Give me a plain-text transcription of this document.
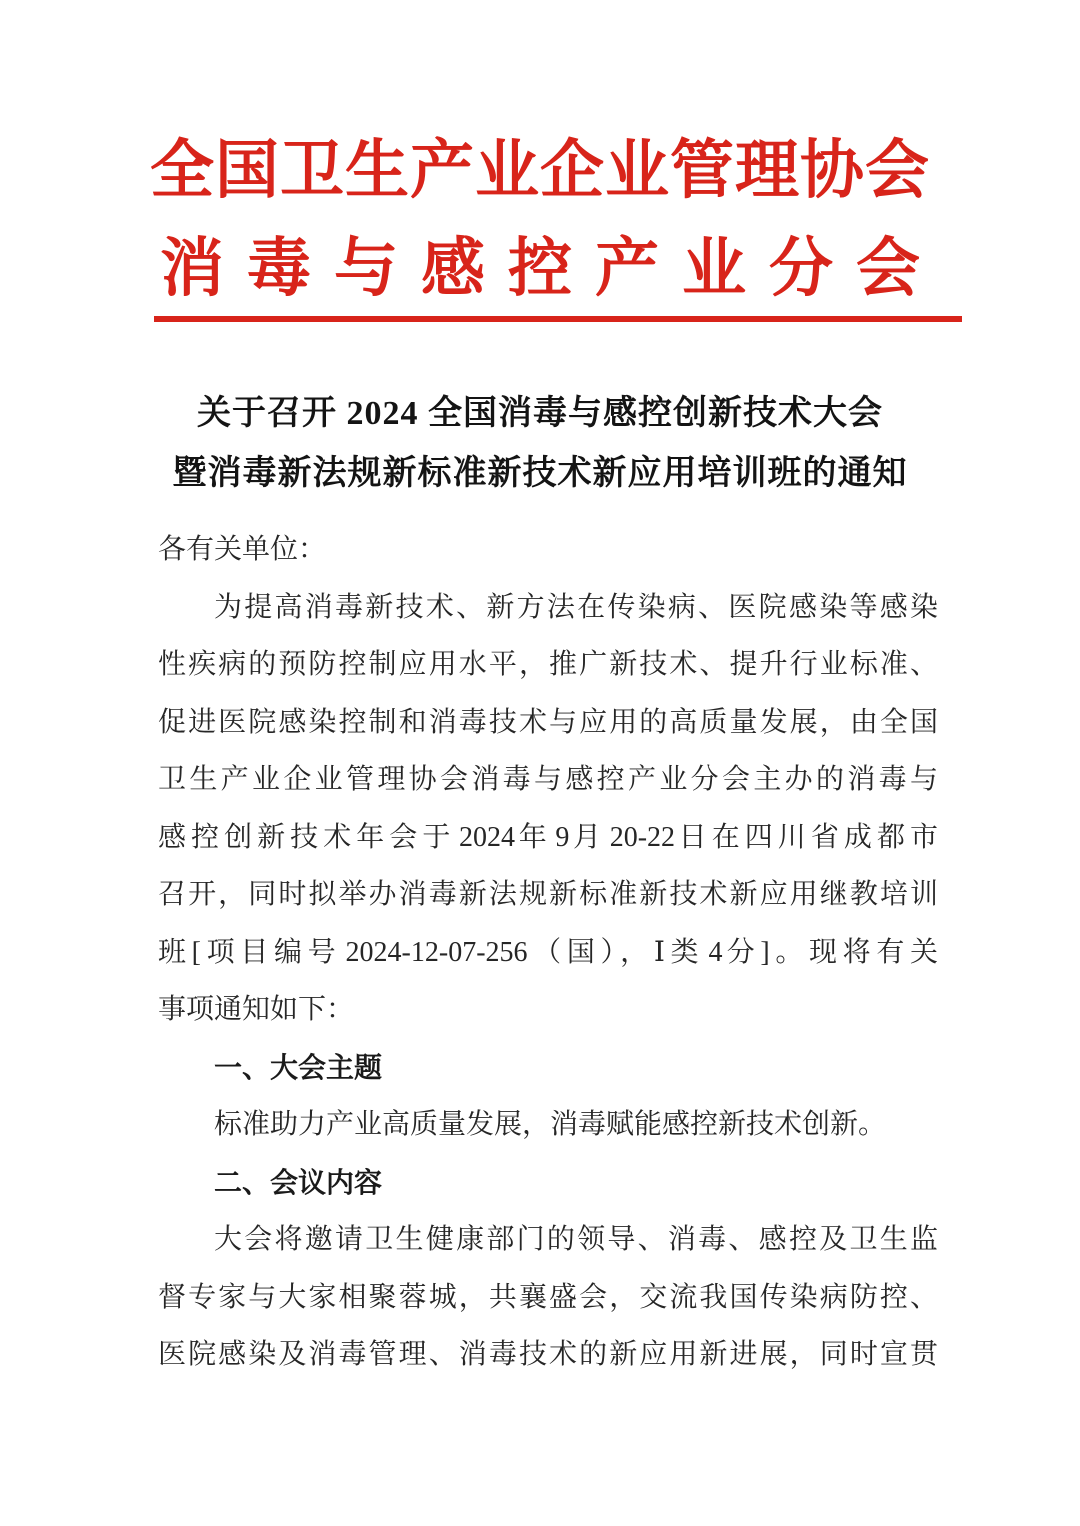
全国卫生产业企业管理协会
消毒与感控产业分会
关于召开 2024 全国消毒与感控创新技术大会
暨消毒新法规新标准新技术新应用培训班的通知
各有关单位：
为提高消毒新技术、新方法在传染病、医院感染等感染
性疾病的预防控制应用水平，推广新技术、提升行业标准、
促进医院感染控制和消毒技术与应用的高质量发展，由全国
卫生产业企业管理协会消毒与感控产业分会主办的消毒与
感控创新技术年会于 2024 年 9 月 20-22 日在四川省成都市
召开，同时拟举办消毒新法规新标准新技术新应用继教培训
班[项目编号 2024-12-07-256（国），Ⅰ类 4 分]。现将有关
事项通知如下：
一、大会主题
标准助力产业高质量发展，消毒赋能感控新技术创新。
二、会议内容
大会将邀请卫生健康部门的领导、消毒、感控及卫生监
督专家与大家相聚蓉城，共襄盛会，交流我国传染病防控、
医院感染及消毒管理、消毒技术的新应用新进展，同时宣贯
